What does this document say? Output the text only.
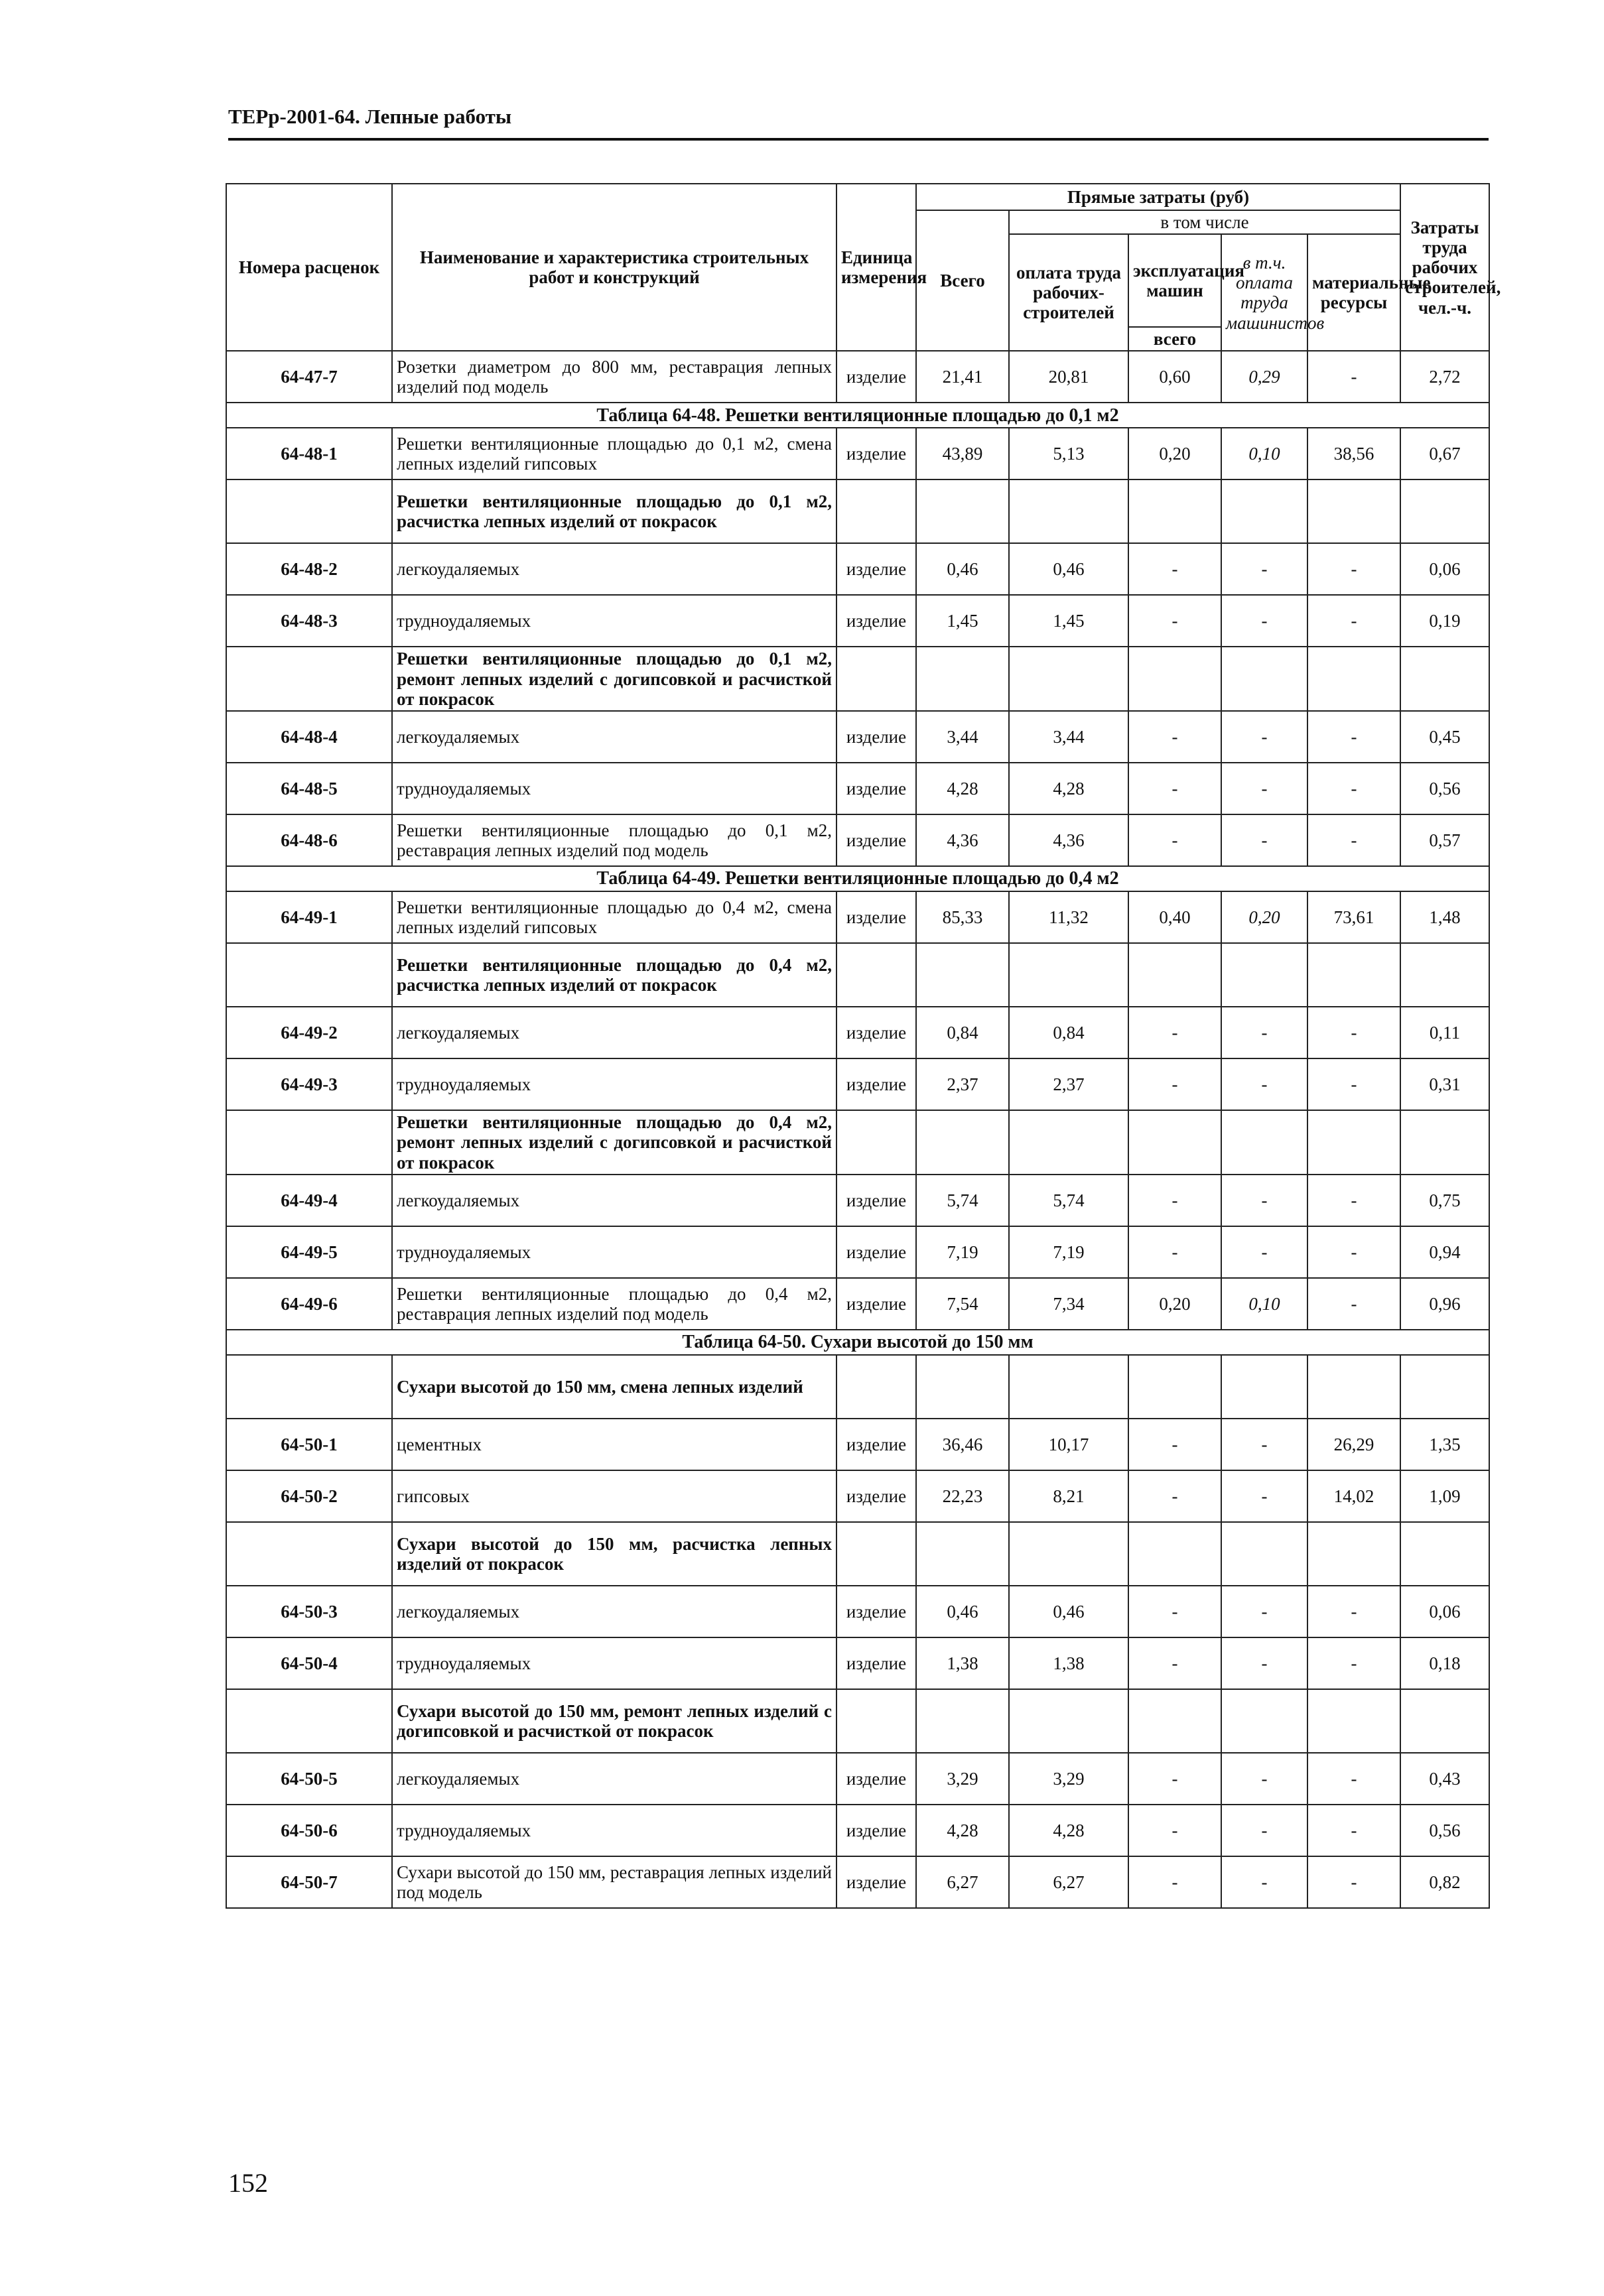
ТЕРр-2001-64. Лепные работы
Номера расценок	Наименование и характеристика строительных работ и конструкций	Единица измерения	Прямые затраты (руб)					Затраты труда рабочих строителей, чел.-ч.
			Всего	в том числе				
				оплата труда рабочих-строителей	эксплуатация машин	в т.ч. оплата труда машинистов	материальные ресурсы	
					всего			
64-47-7	Розетки диаметром до 800 мм, реставрация лепных изделий под модель	изделие	21,41	20,81	0,60	0,29	-	2,72
Таблица 64-48. Решетки вентиляционные площадью до 0,1 м2								
64-48-1	Решетки вентиляционные площадью до 0,1 м2, смена лепных изделий гипсовых	изделие	43,89	5,13	0,20	0,10	38,56	0,67
	Решетки вентиляционные площадью до 0,1 м2, расчистка лепных изделий от покрасок							
64-48-2	легкоудаляемых	изделие	0,46	0,46	-	-	-	0,06
64-48-3	трудноудаляемых	изделие	1,45	1,45	-	-	-	0,19
	Решетки вентиляционные площадью до 0,1 м2, ремонт лепных изделий с догипсовкой и расчисткой от покрасок							
64-48-4	легкоудаляемых	изделие	3,44	3,44	-	-	-	0,45
64-48-5	трудноудаляемых	изделие	4,28	4,28	-	-	-	0,56
64-48-6	Решетки вентиляционные площадью до 0,1 м2, реставрация лепных изделий под модель	изделие	4,36	4,36	-	-	-	0,57
Таблица 64-49. Решетки вентиляционные площадью до 0,4 м2								
64-49-1	Решетки вентиляционные площадью до 0,4 м2, смена лепных изделий гипсовых	изделие	85,33	11,32	0,40	0,20	73,61	1,48
	Решетки вентиляционные площадью до 0,4 м2, расчистка лепных изделий от покрасок							
64-49-2	легкоудаляемых	изделие	0,84	0,84	-	-	-	0,11
64-49-3	трудноудаляемых	изделие	2,37	2,37	-	-	-	0,31
	Решетки вентиляционные площадью до 0,4 м2, ремонт лепных изделий с догипсовкой и расчисткой от покрасок							
64-49-4	легкоудаляемых	изделие	5,74	5,74	-	-	-	0,75
64-49-5	трудноудаляемых	изделие	7,19	7,19	-	-	-	0,94
64-49-6	Решетки вентиляционные площадью до 0,4 м2, реставрация лепных изделий под модель	изделие	7,54	7,34	0,20	0,10	-	0,96
Таблица 64-50. Сухари высотой до 150 мм								
	Сухари высотой до 150 мм, смена лепных изделий							
64-50-1	цементных	изделие	36,46	10,17	-	-	26,29	1,35
64-50-2	гипсовых	изделие	22,23	8,21	-	-	14,02	1,09
	Сухари высотой до 150 мм, расчистка лепных изделий от покрасок							
64-50-3	легкоудаляемых	изделие	0,46	0,46	-	-	-	0,06
64-50-4	трудноудаляемых	изделие	1,38	1,38	-	-	-	0,18
	Сухари высотой до 150 мм, ремонт лепных изделий с догипсовкой и расчисткой от покрасок							
64-50-5	легкоудаляемых	изделие	3,29	3,29	-	-	-	0,43
64-50-6	трудноудаляемых	изделие	4,28	4,28	-	-	-	0,56
64-50-7	Сухари высотой до 150 мм, реставрация лепных изделий под модель	изделие	6,27	6,27	-	-	-	0,82
152
